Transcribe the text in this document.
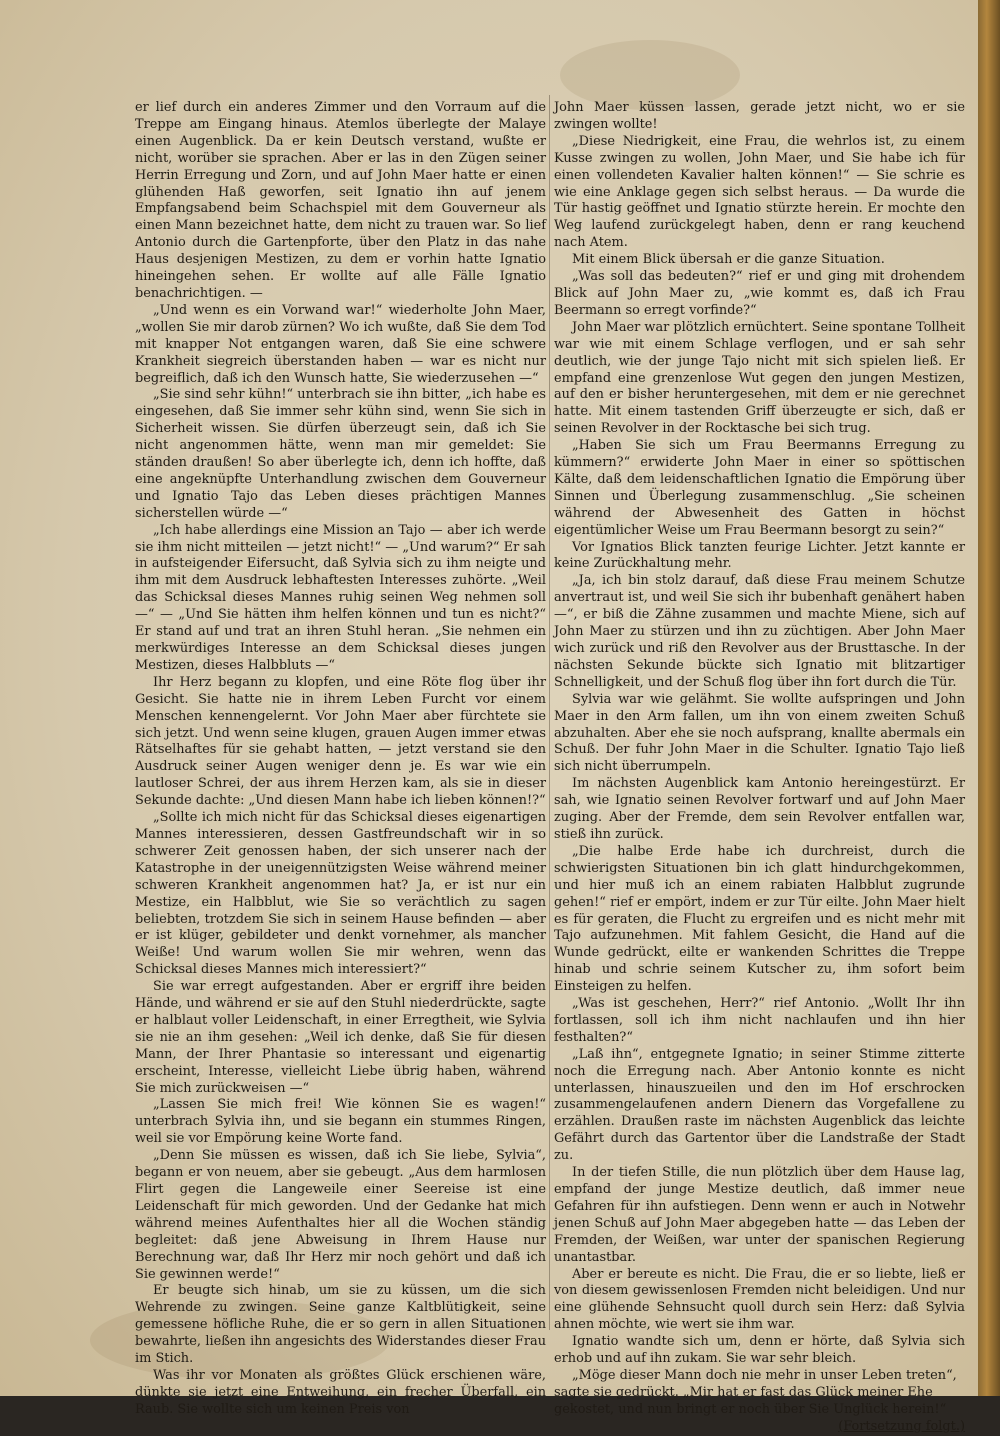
er lief durch ein anderes Zimmer und den Vorraum auf die Treppe am Eingang hinaus. Atemlos überlegte der Malaye einen Augenblick. Da er kein Deutsch verstand, wußte er nicht, worüber sie sprachen. Aber er las in den Zügen seiner Herrin Erregung und Zorn, und auf John Maer hatte er einen glühenden Haß geworfen, seit Ignatio ihn auf jenem Empfangsabend beim Schachspiel mit dem Gouverneur als einen Mann bezeichnet hatte, dem nicht zu trauen war. So lief Antonio durch die Gartenpforte, über den Platz in das nahe Haus desjenigen Mestizen, zu dem er vorhin hatte Ignatio hineingehen sehen. Er wollte auf alle Fälle Ignatio benachrichtigen. —

„Und wenn es ein Vorwand war!“ wiederholte John Maer, „wollen Sie mir darob zürnen? Wo ich wußte, daß Sie dem Tod mit knapper Not entgangen waren, daß Sie eine schwere Krankheit siegreich überstanden haben — war es nicht nur begreiflich, daß ich den Wunsch hatte, Sie wiederzusehen —“

„Sie sind sehr kühn!“ unterbrach sie ihn bitter, „ich habe es eingesehen, daß Sie immer sehr kühn sind, wenn Sie sich in Sicherheit wissen. Sie dürfen überzeugt sein, daß ich Sie nicht angenommen hätte, wenn man mir gemeldet: Sie ständen draußen! So aber überlegte ich, denn ich hoffte, daß eine angeknüpfte Unterhandlung zwischen dem Gouverneur und Ignatio Tajo das Leben dieses prächtigen Mannes sicherstellen würde —“

„Ich habe allerdings eine Mission an Tajo — aber ich werde sie ihm nicht mitteilen — jetzt nicht!“ — „Und warum?“ Er sah in aufsteigender Eifersucht, daß Sylvia sich zu ihm neigte und ihm mit dem Ausdruck lebhaftesten Interesses zuhörte. „Weil das Schicksal dieses Mannes ruhig seinen Weg nehmen soll —“ — „Und Sie hätten ihm helfen können und tun es nicht?“ Er stand auf und trat an ihren Stuhl heran. „Sie nehmen ein merkwürdiges Interesse an dem Schicksal dieses jungen Mestizen, dieses Halbbluts —“

Ihr Herz begann zu klopfen, und eine Röte flog über ihr Gesicht. Sie hatte nie in ihrem Leben Furcht vor einem Menschen kennengelernt. Vor John Maer aber fürchtete sie sich jetzt. Und wenn seine klugen, grauen Augen immer etwas Rätselhaftes für sie gehabt hatten, — jetzt verstand sie den Ausdruck seiner Augen weniger denn je. Es war wie ein lautloser Schrei, der aus ihrem Herzen kam, als sie in dieser Sekunde dachte: „Und diesen Mann habe ich lieben können!?“

„Sollte ich mich nicht für das Schicksal dieses eigenartigen Mannes interessieren, dessen Gastfreundschaft wir in so schwerer Zeit genossen haben, der sich unserer nach der Katastrophe in der uneigennützigsten Weise während meiner schweren Krankheit angenommen hat? Ja, er ist nur ein Mestize, ein Halbblut, wie Sie so verächtlich zu sagen beliebten, trotzdem Sie sich in seinem Hause befinden — aber er ist klüger, gebildeter und denkt vornehmer, als mancher Weiße! Und warum wollen Sie mir wehren, wenn das Schicksal dieses Mannes mich interessiert?“

Sie war erregt aufgestanden. Aber er ergriff ihre beiden Hände, und während er sie auf den Stuhl niederdrückte, sagte er halblaut voller Leidenschaft, in einer Erregtheit, wie Sylvia sie nie an ihm gesehen: „Weil ich denke, daß Sie für diesen Mann, der Ihrer Phantasie so interessant und eigenartig erscheint, Interesse, vielleicht Liebe übrig haben, während Sie mich zurückweisen —“

„Lassen Sie mich frei! Wie können Sie es wagen!“ unterbrach Sylvia ihn, und sie begann ein stummes Ringen, weil sie vor Empörung keine Worte fand.

„Denn Sie müssen es wissen, daß ich Sie liebe, Sylvia“, begann er von neuem, aber sie gebeugt. „Aus dem harmlosen Flirt gegen die Langeweile einer Seereise ist eine Leidenschaft für mich geworden. Und der Gedanke hat mich während meines Aufenthaltes hier all die Wochen ständig begleitet: daß jene Abweisung in Ihrem Hause nur Berechnung war, daß Ihr Herz mir noch gehört und daß ich Sie gewinnen werde!“

Er beugte sich hinab, um sie zu küssen, um die sich Wehrende zu zwingen. Seine ganze Kaltblütigkeit, seine gemessene höfliche Ruhe, die er so gern in allen Situationen bewahrte, ließen ihn angesichts des Widerstandes dieser Frau im Stich.

Was ihr vor Monaten als größtes Glück erschienen wäre, dünkte sie jetzt eine Entweihung, ein frecher Überfall, ein Raub. Sie wollte sich um keinen Preis von

John Maer küssen lassen, gerade jetzt nicht, wo er sie zwingen wollte!

„Diese Niedrigkeit, eine Frau, die wehrlos ist, zu einem Kusse zwingen zu wollen, John Maer, und Sie habe ich für einen vollendeten Kavalier halten können!“ — Sie schrie es wie eine Anklage gegen sich selbst heraus. — Da wurde die Tür hastig geöffnet und Ignatio stürzte herein. Er mochte den Weg laufend zurückgelegt haben, denn er rang keuchend nach Atem.

Mit einem Blick übersah er die ganze Situation.

„Was soll das bedeuten?“ rief er und ging mit drohendem Blick auf John Maer zu, „wie kommt es, daß ich Frau Beermann so erregt vorfinde?“

John Maer war plötzlich ernüchtert. Seine spontane Tollheit war wie mit einem Schlage verflogen, und er sah sehr deutlich, wie der junge Tajo nicht mit sich spielen ließ. Er empfand eine grenzenlose Wut gegen den jungen Mestizen, auf den er bisher heruntergesehen, mit dem er nie gerechnet hatte. Mit einem tastenden Griff überzeugte er sich, daß er seinen Revolver in der Rocktasche bei sich trug.

„Haben Sie sich um Frau Beermanns Erregung zu kümmern?“ erwiderte John Maer in einer so spöttischen Kälte, daß dem leidenschaftlichen Ignatio die Empörung über Sinnen und Überlegung zusammenschlug. „Sie scheinen während der Abwesenheit des Gatten in höchst eigentümlicher Weise um Frau Beermann besorgt zu sein?“

Vor Ignatios Blick tanzten feurige Lichter. Jetzt kannte er keine Zurückhaltung mehr.

„Ja, ich bin stolz darauf, daß diese Frau meinem Schutze anvertraut ist, und weil Sie sich ihr bubenhaft genähert haben —“, er biß die Zähne zusammen und machte Miene, sich auf John Maer zu stürzen und ihn zu züchtigen. Aber John Maer wich zurück und riß den Revolver aus der Brusttasche. In der nächsten Sekunde bückte sich Ignatio mit blitzartiger Schnelligkeit, und der Schuß flog über ihn fort durch die Tür.

Sylvia war wie gelähmt. Sie wollte aufspringen und John Maer in den Arm fallen, um ihn von einem zweiten Schuß abzuhalten. Aber ehe sie noch aufsprang, knallte abermals ein Schuß. Der fuhr John Maer in die Schulter. Ignatio Tajo ließ sich nicht überrumpeln.

Im nächsten Augenblick kam Antonio hereingestürzt. Er sah, wie Ignatio seinen Revolver fortwarf und auf John Maer zuging. Aber der Fremde, dem sein Revolver entfallen war, stieß ihn zurück.

„Die halbe Erde habe ich durchreist, durch die schwierigsten Situationen bin ich glatt hindurchgekommen, und hier muß ich an einem rabiaten Halbblut zugrunde gehen!“ rief er empört, indem er zur Tür eilte. John Maer hielt es für geraten, die Flucht zu ergreifen und es nicht mehr mit Tajo aufzunehmen. Mit fahlem Gesicht, die Hand auf die Wunde gedrückt, eilte er wankenden Schrittes die Treppe hinab und schrie seinem Kutscher zu, ihm sofort beim Einsteigen zu helfen.

„Was ist geschehen, Herr?“ rief Antonio. „Wollt Ihr ihn fortlassen, soll ich ihm nicht nachlaufen und ihn hier festhalten?“

„Laß ihn“, entgegnete Ignatio; in seiner Stimme zitterte noch die Erregung nach. Aber Antonio konnte es nicht unterlassen, hinauszueilen und den im Hof erschrocken zusammengelaufenen andern Dienern das Vorgefallene zu erzählen. Draußen raste im nächsten Augenblick das leichte Gefährt durch das Gartentor über die Landstraße der Stadt zu.

In der tiefen Stille, die nun plötzlich über dem Hause lag, empfand der junge Mestize deutlich, daß immer neue Gefahren für ihn aufstiegen. Denn wenn er auch in Notwehr jenen Schuß auf John Maer abgegeben hatte — das Leben der Fremden, der Weißen, war unter der spanischen Regierung unantastbar.

Aber er bereute es nicht. Die Frau, die er so liebte, ließ er von diesem gewissenlosen Fremden nicht beleidigen. Und nur eine glühende Sehnsucht quoll durch sein Herz: daß Sylvia ahnen möchte, wie wert sie ihm war.

Ignatio wandte sich um, denn er hörte, daß Sylvia sich erhob und auf ihn zukam. Sie war sehr bleich.

„Möge dieser Mann doch nie mehr in unser Leben treten“, sagte sie gedrückt. „Mir hat er fast das Glück meiner Ehe gekostet, und nun bringt er noch über Sie Unglück herein!“
(Fortsetzung folgt.)
